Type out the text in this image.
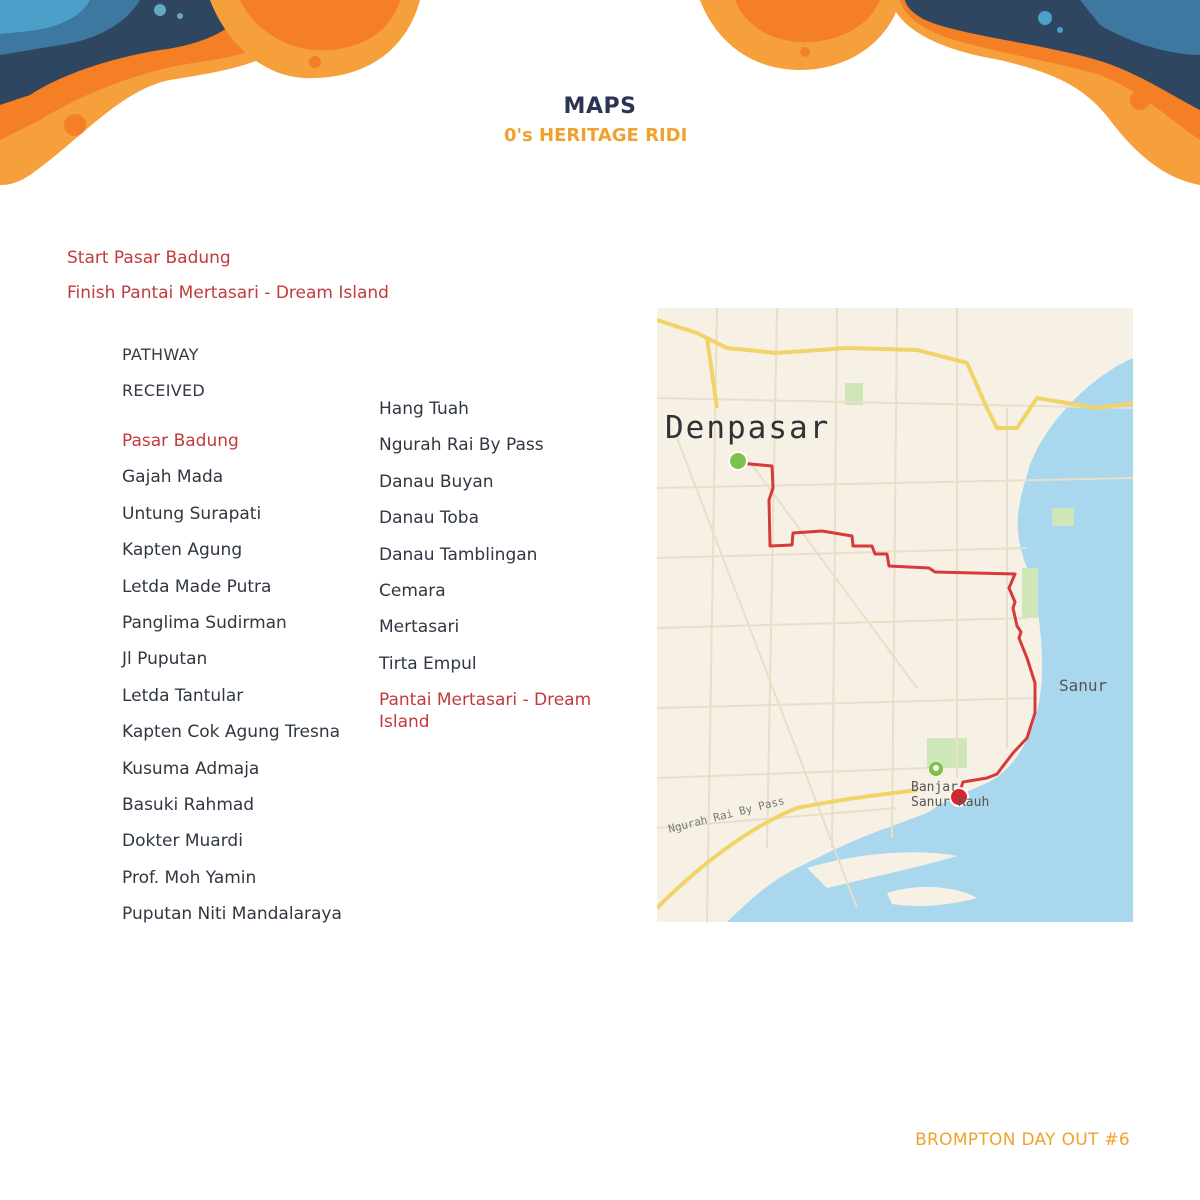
MAPS
0's HERITAGE RIDI
Start Pasar Badung
Finish Pantai Mertasari - Dream Island
PATHWAY
RECEIVED
Pasar Badung
Gajah Mada
Untung Surapati
Kapten Agung
Letda Made Putra
Panglima Sudirman
Jl Puputan
Letda Tantular
Kapten Cok Agung Tresna
Kusuma Admaja
Basuki Rahmad
Dokter Muardi
Prof. Moh Yamin
Puputan Niti Mandalaraya
Hang Tuah
Ngurah Rai By Pass
Danau Buyan
Danau Toba
Danau Tamblingan
Cemara
Mertasari
Tirta Empul
Pantai Mertasari - Dream Island
Denpasar
Sanur
Banjar
Sanur Kauh
Ngurah Rai By Pass
BROMPTON DAY OUT #6
